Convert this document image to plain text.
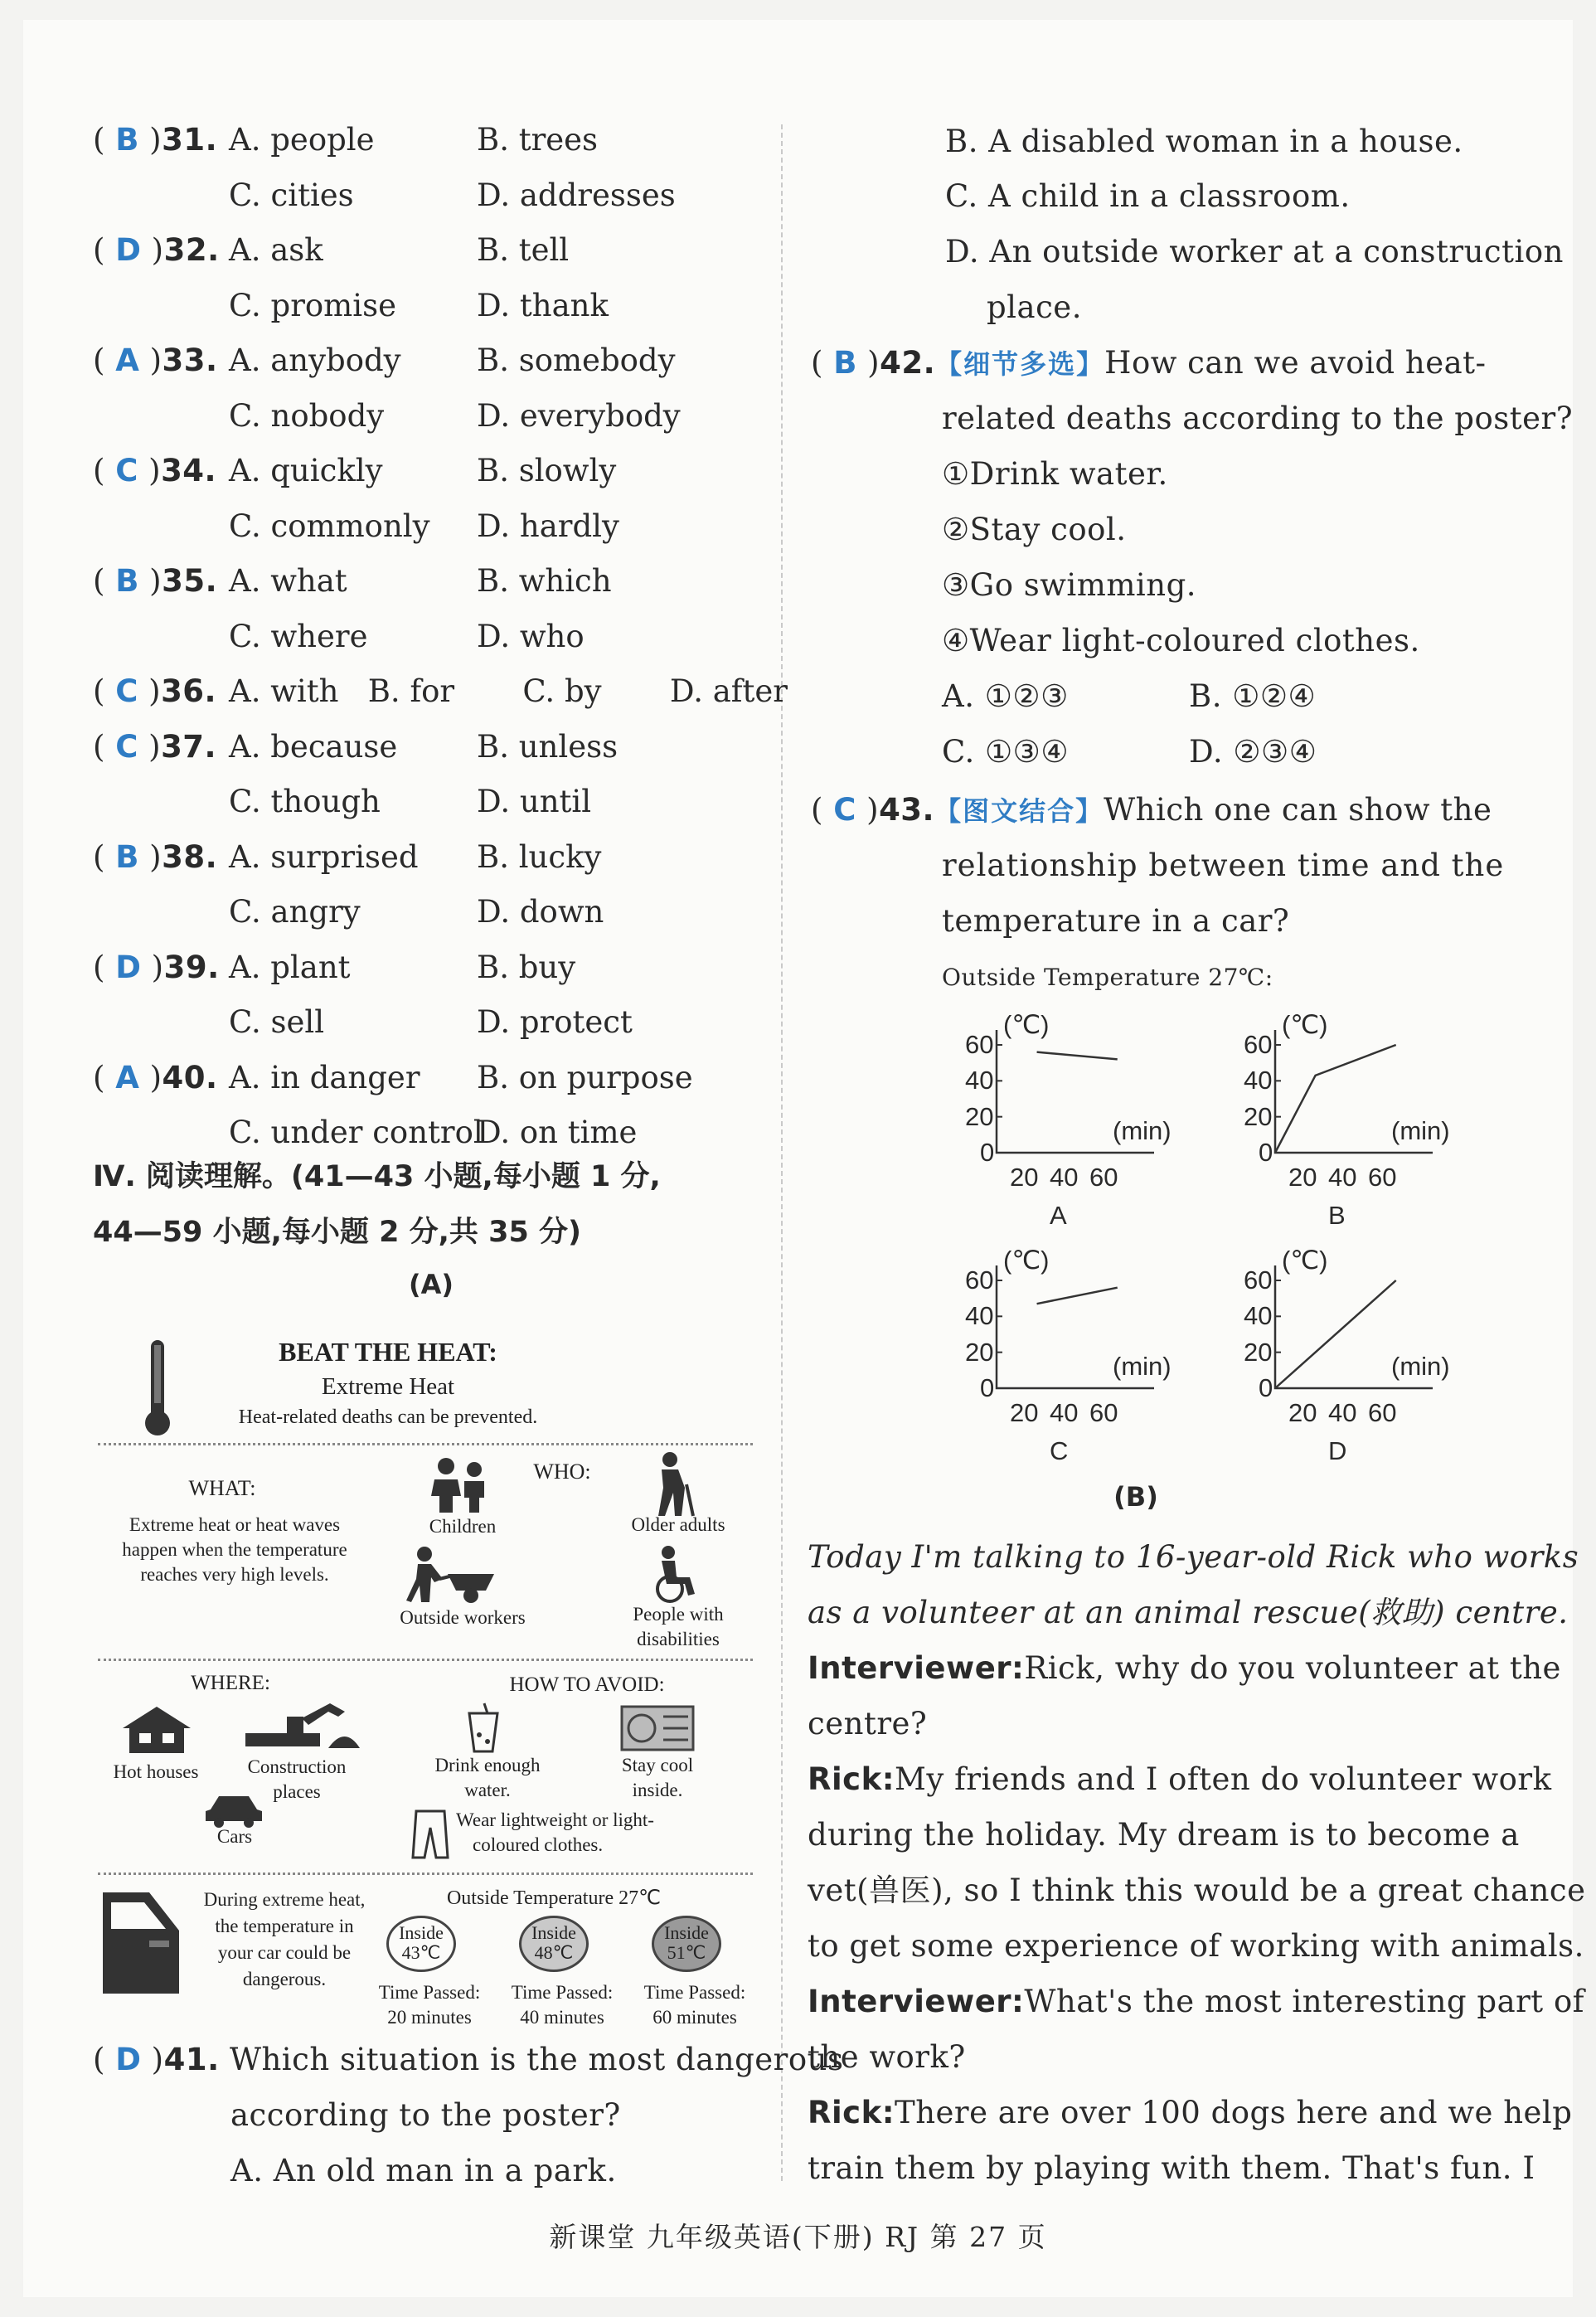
( B )31. A. people	B. trees
C. cities	D. addresses
( D )32. A. ask	B. tell
C. promise	D. thank
( A )33. A. anybody B. somebody
C. nobody	D. everybody
( C )34. A. quickly	B. slowly
C. commonly D. hardly
( B )35. A. what	B. which
C. where	D. who
( C )36. A. with   B. for       C. by       D. after
( C )37. A. because	B. unless
C. though	D. until
( B )38. A. surprised B. lucky
C. angry	D. down
( D )39. A. plant	B. buy
C. sell	D. protect
( A )40. A. in danger B. on purpose
C. under control
D. on time
Ⅳ. 阅读理解。(41—43 小题,每小题 1 分,
44—59 小题,每小题 2 分,共 35 分)
(A)
BEAT THE HEAT:
Extreme Heat
Heat-related deaths can be prevented.
WHAT:
Extreme heat or heat waves
happen when the temperature
reaches very high levels.
WHO:
Children	Older adults
Outside workers	People with
disabilities
WHERE:
Hot houses	Construction
places
Cars
HOW TO AVOID:
Drink enough
water.
Stay cool
inside.
Wear lightweight or light-
coloured clothes.
During extreme heat,
the temperature in
your car could be
dangerous.
Outside Temperature 27℃
Inside
43℃
Inside
48℃
Inside
51℃
Time Passed:
20 minutes
Time Passed:
40 minutes
Time Passed:
60 minutes
( D )41. Which situation is the most dangerous
according to the poster?
A. An old man in a park.
B. A disabled woman in a house.
C. A child in a classroom.
D. An outside worker at a construction
place.
( B )42.【细节多选】How can we avoid heat-
related deaths according to the poster?
①Drink water.
②Stay cool.
③Go swimming.
④Wear light-coloured clothes.
A. ①②③	B. ①②④
C. ①③④	D. ②③④
( C )43.【图文结合】Which one can show the
relationship between time and the
temperature in a car?
Outside Temperature 27℃:
60
40
20
0
(℃)
(min)
20 40 60
A
60
40
20
0
(℃)
(min)
20 40 60
B
60
40
20
0
(℃)
(min)
20 40 60
C
60
40
20
0
(℃)
(min)
20 40 60
D
(B)
Today I'm talking to 16-year-old Rick who works
as a volunteer at an animal rescue(救助) centre.
Interviewer:Rick, why do you volunteer at the
centre?
Rick:My friends and I often do volunteer work
during the holiday. My dream is to become a
vet(兽医), so I think this would be a great chance
to get some experience of working with animals.
Interviewer:What's the most interesting part of
the work?
Rick:There are over 100 dogs here and we help
train them by playing with them. That's fun. I
新课堂 九年级英语(下册) RJ 第 27 页
